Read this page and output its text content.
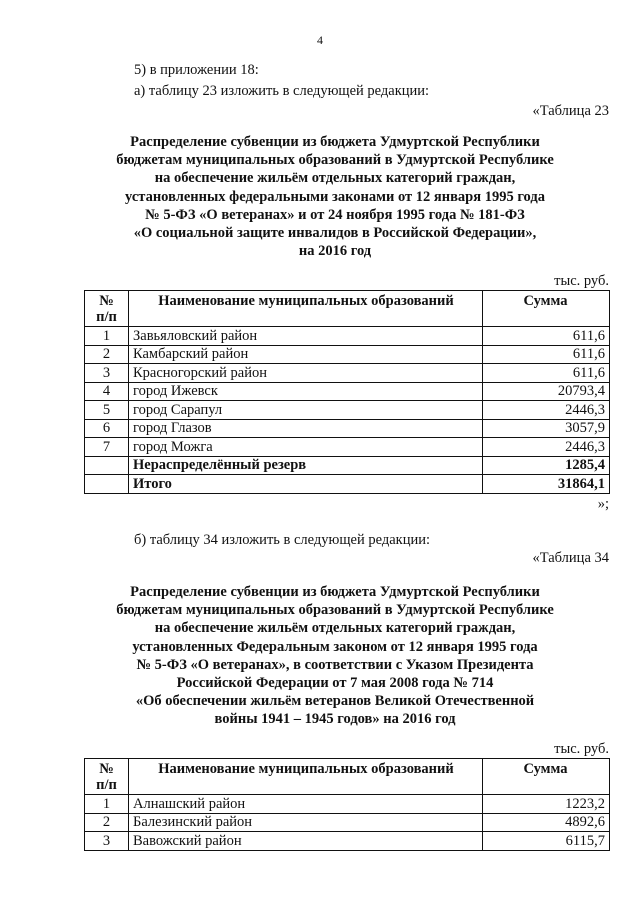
4
5) в приложении 18:
а) таблицу 23 изложить в следующей редакции:
«Таблица 23
Распределение субвенции из бюджета Удмуртской Республики
бюджетам муниципальных образований в Удмуртской Республике
на обеспечение жильём отдельных категорий граждан,
установленных федеральными законами от 12 января 1995 года
№ 5-ФЗ «О ветеранах» и от 24 ноября 1995 года № 181-ФЗ
«О социальной защите инвалидов в Российской Федерации»,
на 2016 год
тыс. руб.
№
п/п	Наименование муниципальных образований	Сумма
1	Завьяловский район	611,6
2	Камбарский район	611,6
3	Красногорский район	611,6
4	город Ижевск	20793,4
5	город Сарапул	2446,3
6	город Глазов	3057,9
7	город Можга	2446,3
	Нераспределённый резерв	1285,4
	Итого	31864,1
»;
б) таблицу 34 изложить в следующей редакции:
«Таблица 34
Распределение субвенции из бюджета Удмуртской Республики
бюджетам муниципальных образований в Удмуртской Республике
на обеспечение жильём отдельных категорий граждан,
установленных Федеральным законом от 12 января 1995 года
№ 5-ФЗ «О ветеранах», в соответствии с Указом Президента
Российской Федерации от 7 мая 2008 года № 714
«Об обеспечении жильём ветеранов Великой Отечественной
войны 1941 – 1945 годов» на 2016 год
тыс. руб.
№
п/п	Наименование муниципальных образований	Сумма
1	Алнашский район	1223,2
2	Балезинский район	4892,6
3	Вавожский район	6115,7
